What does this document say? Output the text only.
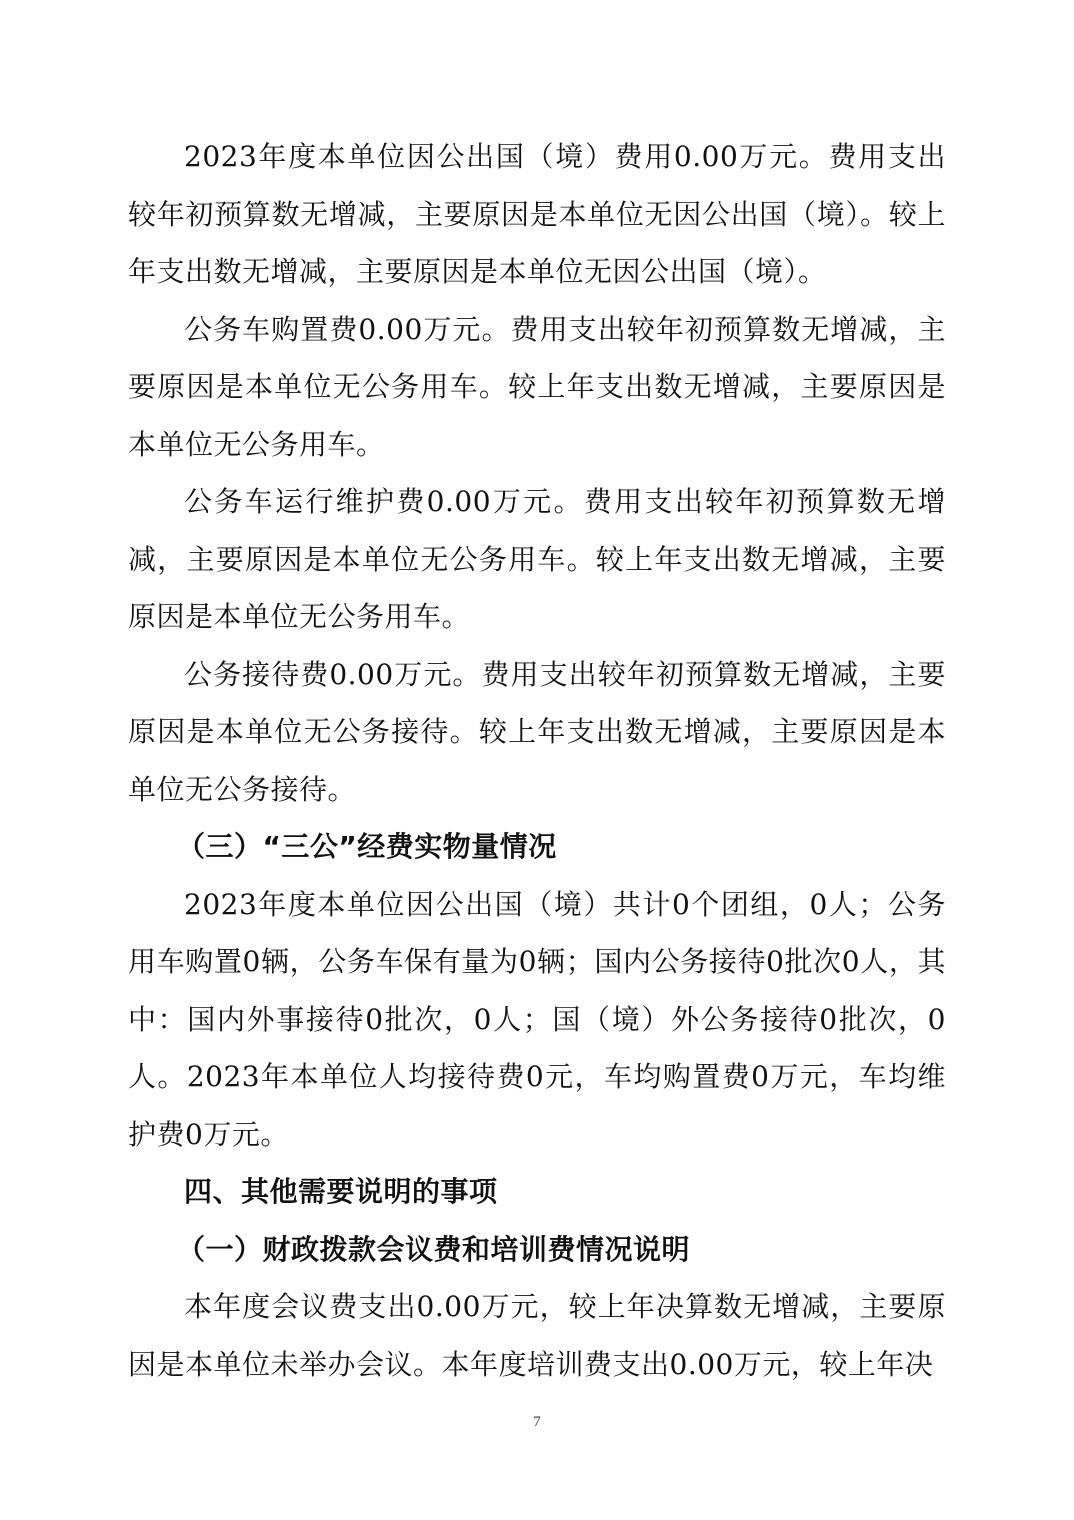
2023年度本单位因公出国（境）费用0.00万元。费用支出较年初预算数无增减，主要原因是本单位无因公出国（境）。较上年支出数无增减，主要原因是本单位无因公出国（境）。

公务车购置费0.00万元。费用支出较年初预算数无增减，主要原因是本单位无公务用车。较上年支出数无增减，主要原因是本单位无公务用车。

公务车运行维护费0.00万元。费用支出较年初预算数无增减，主要原因是本单位无公务用车。较上年支出数无增减，主要原因是本单位无公务用车。

公务接待费0.00万元。费用支出较年初预算数无增减，主要原因是本单位无公务接待。较上年支出数无增减，主要原因是本单位无公务接待。

（三）“三公”经费实物量情况

2023年度本单位因公出国（境）共计0个团组，0人；公务用车购置0辆，公务车保有量为0辆；国内公务接待0批次0人，其中：国内外事接待0批次，0人；国（境）外公务接待0批次，0人。2023年本单位人均接待费0元，车均购置费0万元，车均维护费0万元。

四、其他需要说明的事项

（一）财政拨款会议费和培训费情况说明

本年度会议费支出0.00万元，较上年决算数无增减，主要原因是本单位未举办会议。本年度培训费支出0.00万元，较上年决

7
